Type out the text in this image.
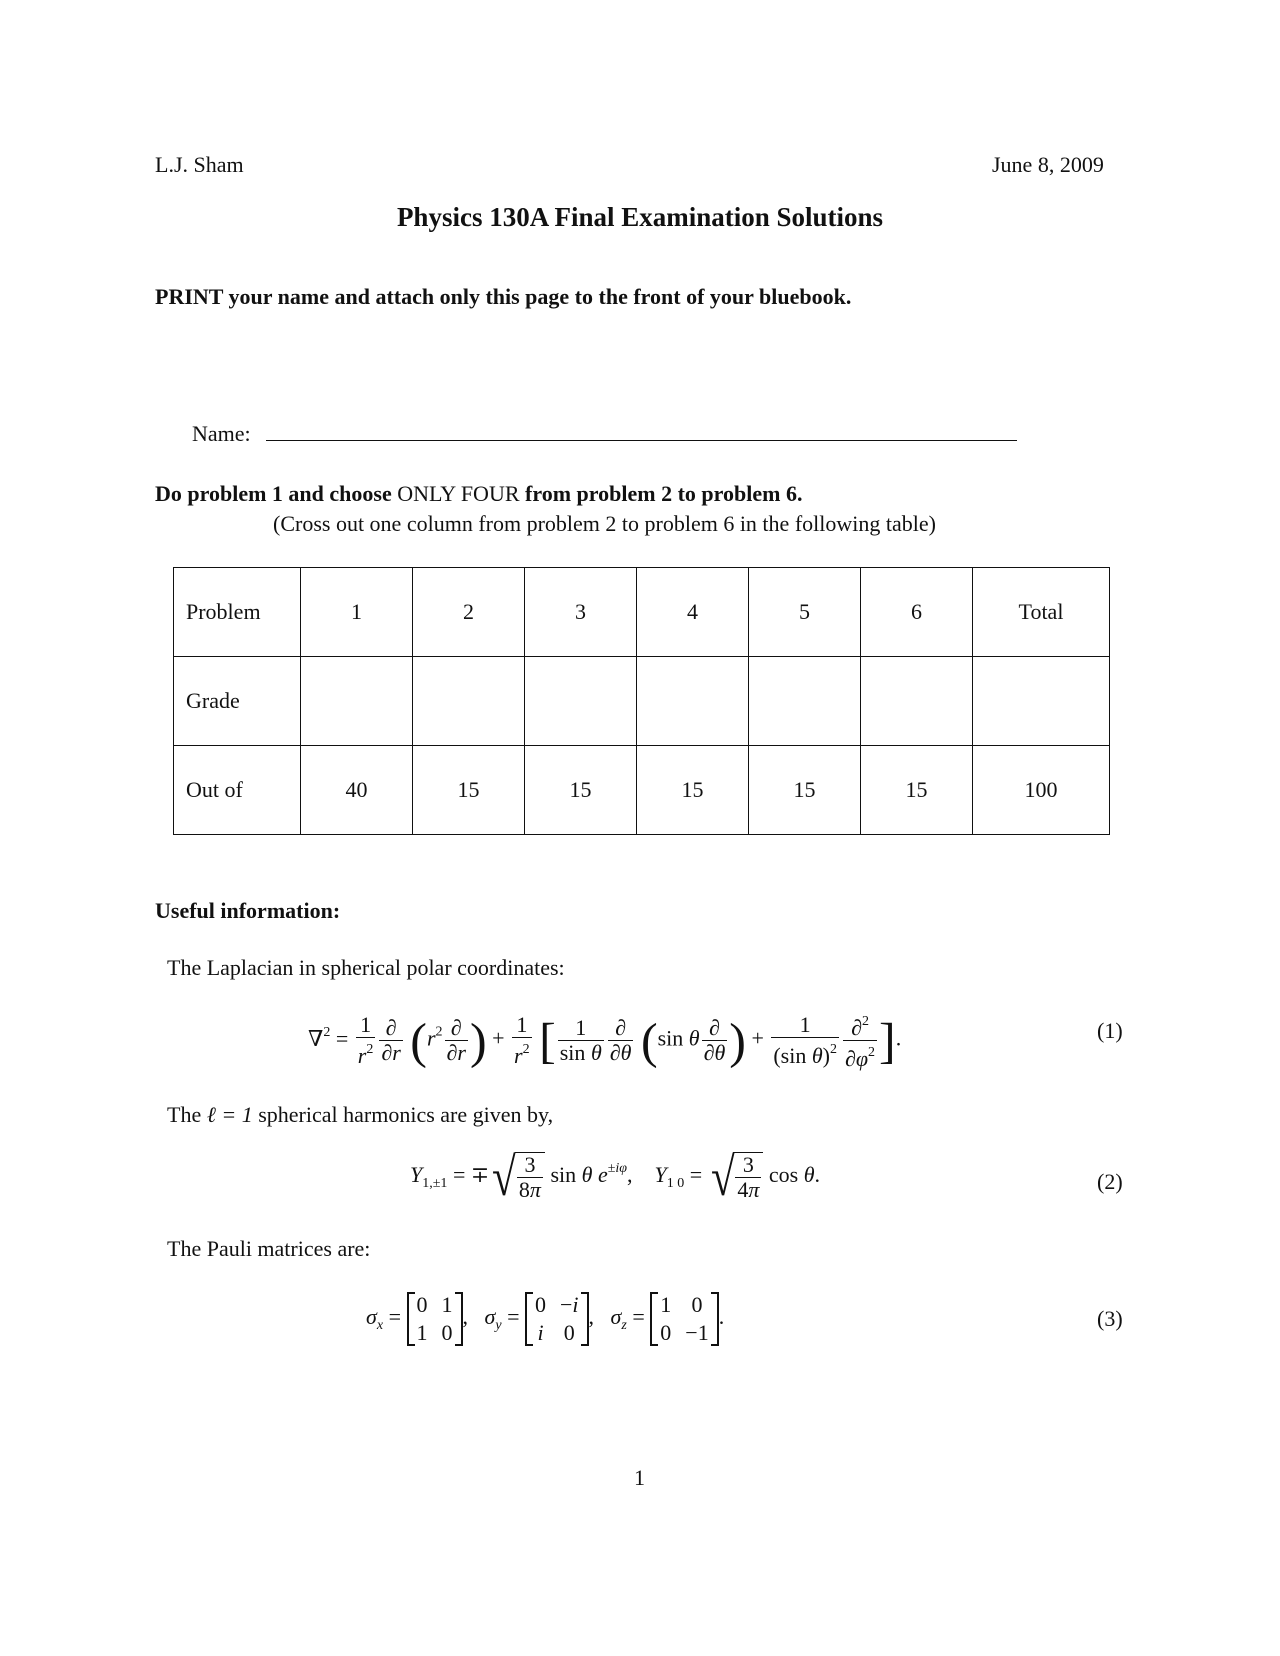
L.J. Sham	June 8, 2009
Physics 130A Final Examination Solutions
PRINT your name and attach only this page to the front of your bluebook.
Name:
Do problem 1 and choose ONLY FOUR from problem 2 to problem 6.
(Cross out one column from problem 2 to problem 6 in the following table)
Problem	1	2	3	4	5	6	Total
Grade							
Out of	40	15	15	15	15	15	100
Useful information:
The Laplacian in spherical polar coordinates:
$\nabla^2 = \frac{1}{r^2} \frac{\partial}{\partial r} (r^2 \frac{\partial}{\partial r}$ ) + $\frac{1}{r^2}$ [ $\frac{1}{\text{sin θ}} \frac{\partial}{\partial\theta} (\sin$ θ $\frac{\partial}{\partial\theta}$ ) + $\frac{1}{(\sin \theta)^2} \frac{\partial^2}{\partial\varphi^2}$ ].	(1)
The ℓ = 1 spherical harmonics are given by,
$Y_{1,\pm 1}$ = ∓ √ $\frac{3}{8\pi}$ sin θ $e^{\pm i\varphi}$,    $Y_{1 0}$ = √ $\frac{3}{4\pi}$ cos θ.	(2)
The Pauli matrices are:
$\sigma_x = 0$ 1
1 0
,   $\sigma_y = 0 -i$
i 0
,   $\sigma_z = 1$ 0
0 −1
.	(3)
1
